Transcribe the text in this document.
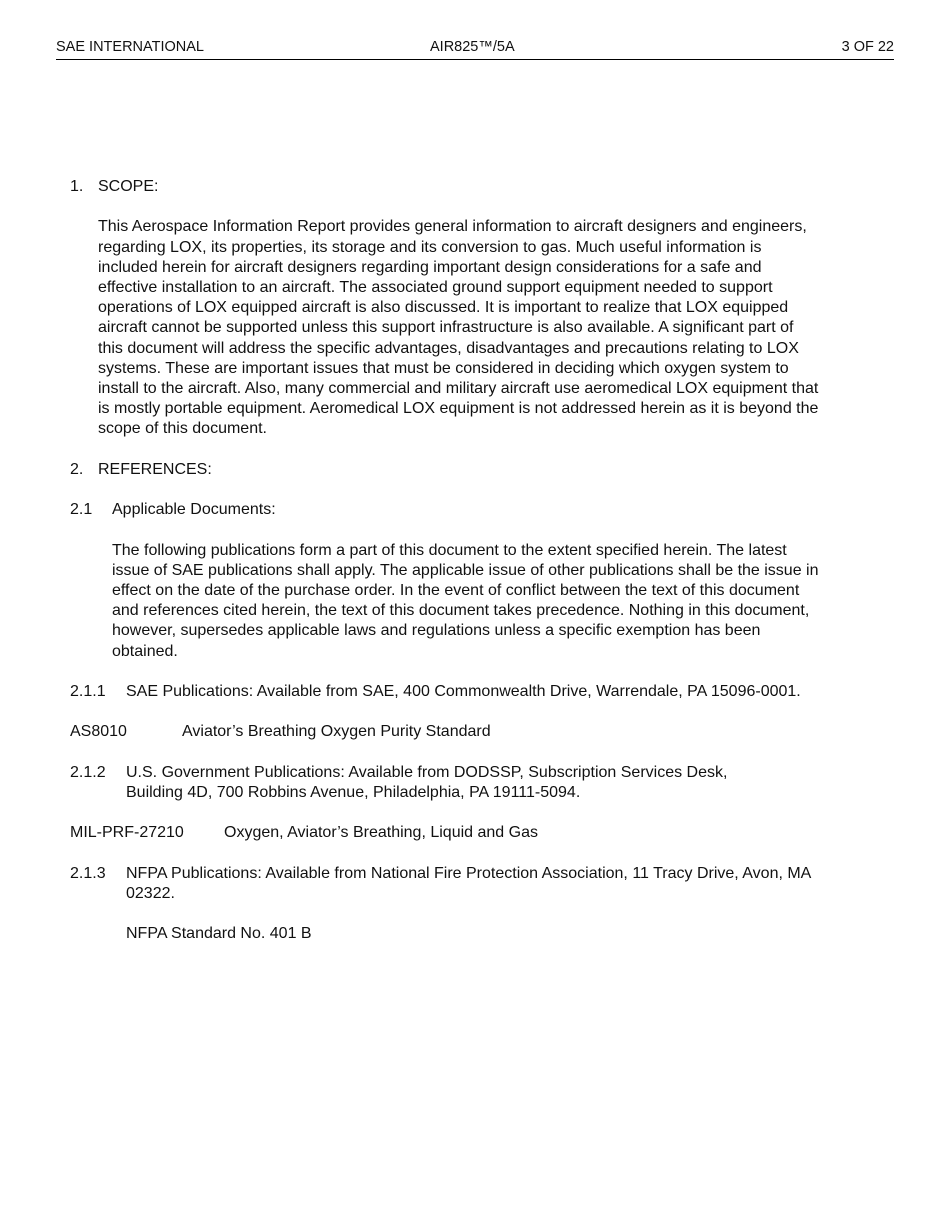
SAE INTERNATIONAL	AIR825™/5A	3 OF 22
1. SCOPE:
This Aerospace Information Report provides general information to aircraft designers and engineers,
regarding LOX, its properties, its storage and its conversion to gas. Much useful information is
included herein for aircraft designers regarding important design considerations for a safe and
effective installation to an aircraft. The associated ground support equipment needed to support
operations of LOX equipped aircraft is also discussed. It is important to realize that LOX equipped
aircraft cannot be supported unless this support infrastructure is also available. A significant part of
this document will address the specific advantages, disadvantages and precautions relating to LOX
systems. These are important issues that must be considered in deciding which oxygen system to
install to the aircraft. Also, many commercial and military aircraft use aeromedical LOX equipment that
is mostly portable equipment. Aeromedical LOX equipment is not addressed herein as it is beyond the
scope of this document.
2. REFERENCES:
2.1	Applicable Documents:
The following publications form a part of this document to the extent specified herein. The latest
issue of SAE publications shall apply. The applicable issue of other publications shall be the issue in
effect on the date of the purchase order. In the event of conflict between the text of this document
and references cited herein, the text of this document takes precedence. Nothing in this document,
however, supersedes applicable laws and regulations unless a specific exemption has been
obtained.
2.1.1	SAE Publications: Available from SAE, 400 Commonwealth Drive, Warrendale, PA 15096-0001.
AS8010	Aviator’s Breathing Oxygen Purity Standard
2.1.2	U.S. Government Publications: Available from DODSSP, Subscription Services Desk,
Building 4D, 700 Robbins Avenue, Philadelphia, PA 19111-5094.
MIL-PRF-27210	Oxygen, Aviator’s Breathing, Liquid and Gas
2.1.3	NFPA Publications: Available from National Fire Protection Association, 11 Tracy Drive, Avon, MA
02322.
NFPA Standard No. 401 B
